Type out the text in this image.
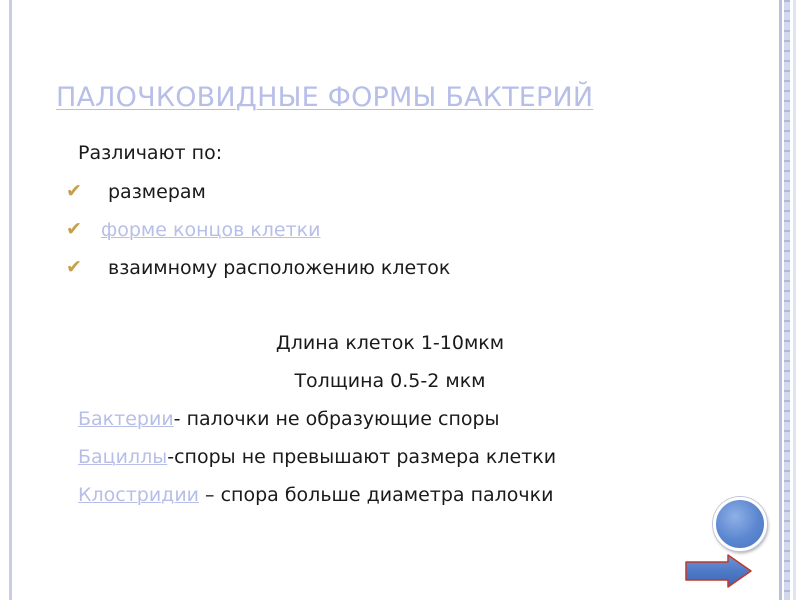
ПАЛОЧКОВИДНЫЕ ФОРМЫ БАКТЕРИЙ
Различают по:
✔ размерам
✔ форме концов клетки
✔ взаимному расположению клеток
Длина клеток 1-10мкм
Толщина 0.5-2 мкм
Бактерии- палочки не образующие споры
Бациллы-споры не превышают размера клетки
Клостридии – спора больше диаметра палочки
